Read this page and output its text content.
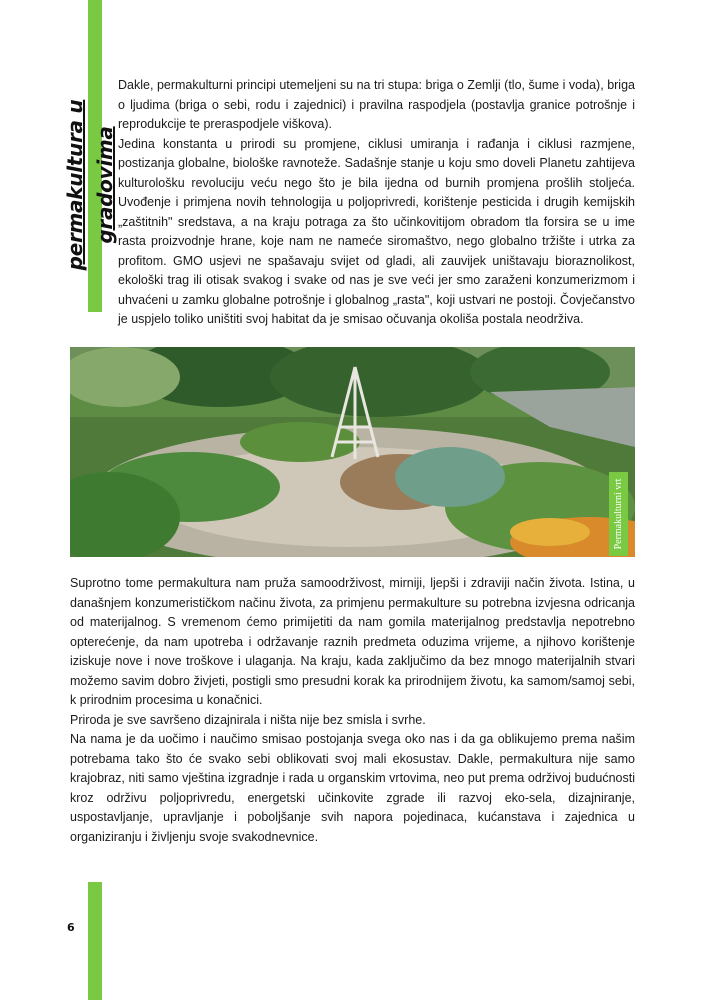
permakultura u gradovima

Dakle, permakulturni principi utemeljeni su na tri stupa: briga o Zemlji (tlo, šume i voda), briga o ljudima (briga o sebi, rodu i zajednici) i pravilna raspodjela (postavlja granice potrošnje i reprodukcije te preraspodjele viškova).

Jedina konstanta u prirodi su promjene, ciklusi umiranja i rađanja i ciklusi razmjene, postizanja globalne, biološke ravnoteže. Sadašnje stanje u koju smo doveli Planetu zahtijeva kulturološku revoluciju veću nego što je bila ijedna od burnih promjena prošlih stoljeća. Uvođenje i primjena novih tehnologija u poljoprivredi, korištenje pesticida i drugih kemijskih „zaštitnih" sredstava, a na kraju potraga za što učinkovitijom obradom tla forsira se u ime rasta proizvodnje hrane, koje nam ne nameće siromaštvo, nego globalno tržište i utrka za profitom. GMO usjevi ne spašavaju svijet od gladi, ali zauvijek uništavaju bioraznolikost, ekološki trag ili otisak svakog i svake od nas je sve veći jer smo zaraženi konzumerizmom i uhvaćeni u zamku globalne potrošnje i globalnog „rasta", koji ustvari ne postoji. Čovječanstvo je uspjelo toliko uništiti svoj habitat da je smisao očuvanja okoliša postala neodrživa.

Permakulturni vrt

Suprotno tome permakultura nam pruža samoodrživost, mirniji, ljepši i zdraviji način života. Istina, u današnjem konzumerističkom načinu života, za primjenu permakulture su potrebna izvjesna odricanja od materijalnog. S vremenom ćemo primijetiti da nam gomila materijalnog predstavlja nepotrebno opterećenje, da nam upotreba i održavanje raznih predmeta oduzima vrijeme, a njihovo korištenje iziskuje nove i nove troškove i ulaganja. Na kraju, kada zaključimo da bez mnogo materijalnih stvari možemo savim dobro živjeti, postigli smo presudni korak ka prirodnijem životu, ka samom/samoj sebi, k prirodnim procesima u konačnici.

Priroda je sve savršeno dizajnirala i ništa nije bez smisla i svrhe.

Na nama je da uočimo i naučimo smisao postojanja svega oko nas i da ga oblikujemo prema našim potrebama tako što će svako sebi oblikovati svoj mali ekosustav. Dakle, permakultura nije samo krajobraz, niti samo vještina izgradnje i rada u organskim vrtovima, neo put prema održivoj budućnosti kroz održivu poljoprivredu, energetski učinkovite zgrade ili razvoj eko-sela, dizajniranje, uspostavljanje, upravljanje i poboljšanje svih napora pojedinaca, kućanstava i zajednica u organiziranju i življenju svoje svakodnevnice.

6
